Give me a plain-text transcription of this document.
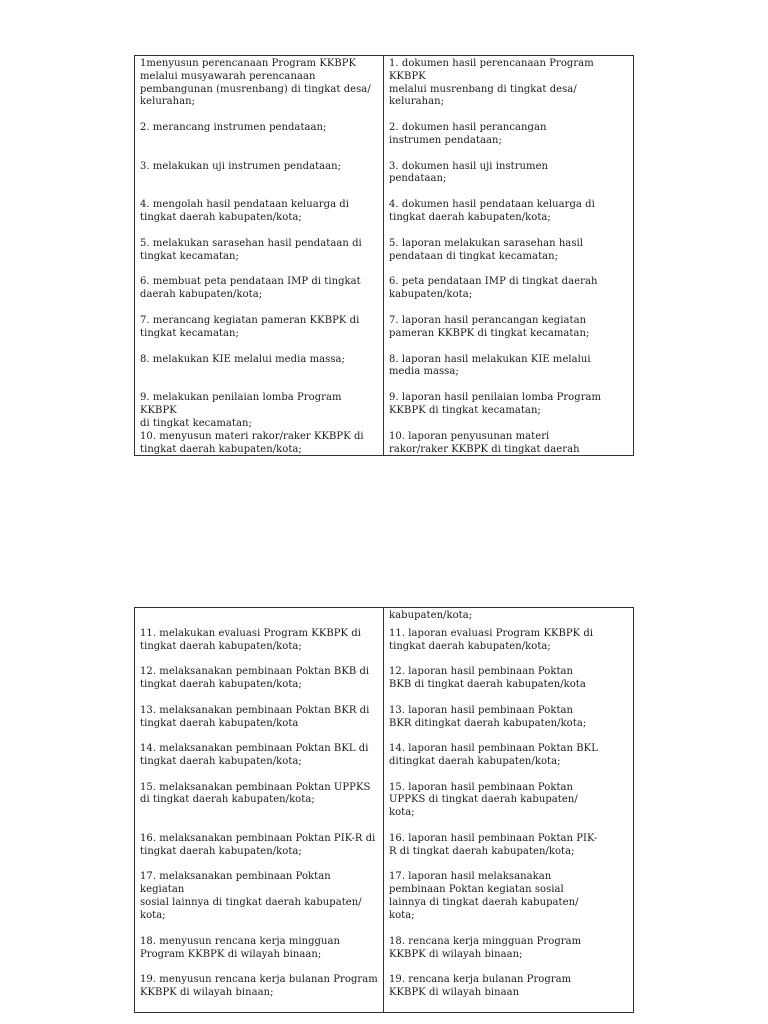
1menyusun perencanaan Program KKBPK
melalui musyawarah perencanaan
pembangunan (musrenbang) di tingkat desa/
kelurahan;
2. merancang instrumen pendataan;
3. melakukan uji instrumen pendataan;
4. mengolah hasil pendataan keluarga di
tingkat daerah kabupaten/kota;
5. melakukan sarasehan hasil pendataan di
tingkat kecamatan;
6. membuat peta pendataan IMP di tingkat
daerah kabupaten/kota;
7. merancang kegiatan pameran KKBPK di
tingkat kecamatan;
8. melakukan KIE melalui media massa;
9. melakukan penilaian lomba Program KKBPK
di tingkat kecamatan;
10. menyusun materi rakor/raker KKBPK di
tingkat daerah kabupaten/kota;
1. dokumen hasil perencanaan Program
KKBPK
melalui musrenbang di tingkat desa/
kelurahan;
2. dokumen hasil perancangan
instrumen pendataan;
3. dokumen hasil uji instrumen
pendataan;
4. dokumen hasil pendataan keluarga di
tingkat daerah kabupaten/kota;
5. laporan melakukan sarasehan hasil
pendataan di tingkat kecamatan;
6. peta pendataan IMP di tingkat daerah
kabupaten/kota;
7. laporan hasil perancangan kegiatan
pameran KKBPK di tingkat kecamatan;
8. laporan hasil melakukan KIE melalui
media massa;
9. laporan hasil penilaian lomba Program
KKBPK di tingkat kecamatan;
10. laporan penyusunan materi
rakor/raker KKBPK di tingkat daerah
11. melakukan evaluasi Program KKBPK di
tingkat daerah kabupaten/kota;
12. melaksanakan pembinaan Poktan BKB di
tingkat daerah kabupaten/kota;
13. melaksanakan pembinaan Poktan BKR di
tingkat daerah kabupaten/kota
14. melaksanakan pembinaan Poktan BKL di
tingkat daerah kabupaten/kota;
15. melaksanakan pembinaan Poktan UPPKS
di tingkat daerah kabupaten/kota;
16. melaksanakan pembinaan Poktan PIK-R di
tingkat daerah kabupaten/kota;
17. melaksanakan pembinaan Poktan kegiatan
sosial lainnya di tingkat daerah kabupaten/
kota;
18. menyusun rencana kerja mingguan
Program KKBPK di wilayah binaan;
19. menyusun rencana kerja bulanan Program
KKBPK di wilayah binaan;
kabupaten/kota;
11. laporan evaluasi Program KKBPK di
tingkat daerah kabupaten/kota;
12. laporan hasil pembinaan Poktan
BKB di tingkat daerah kabupaten/kota
13. laporan hasil pembinaan Poktan
BKR ditingkat daerah kabupaten/kota;
14. laporan hasil pembinaan Poktan BKL
ditingkat daerah kabupaten/kota;
15. laporan hasil pembinaan Poktan
UPPKS di tingkat daerah kabupaten/
kota;
16. laporan hasil pembinaan Poktan PIK-
R di tingkat daerah kabupaten/kota;
17. laporan hasil melaksanakan
pembinaan Poktan kegiatan sosial
lainnya di tingkat daerah kabupaten/
kota;
18. rencana kerja mingguan Program
KKBPK di wilayah binaan;
19. rencana kerja bulanan Program
KKBPK di wilayah binaan
